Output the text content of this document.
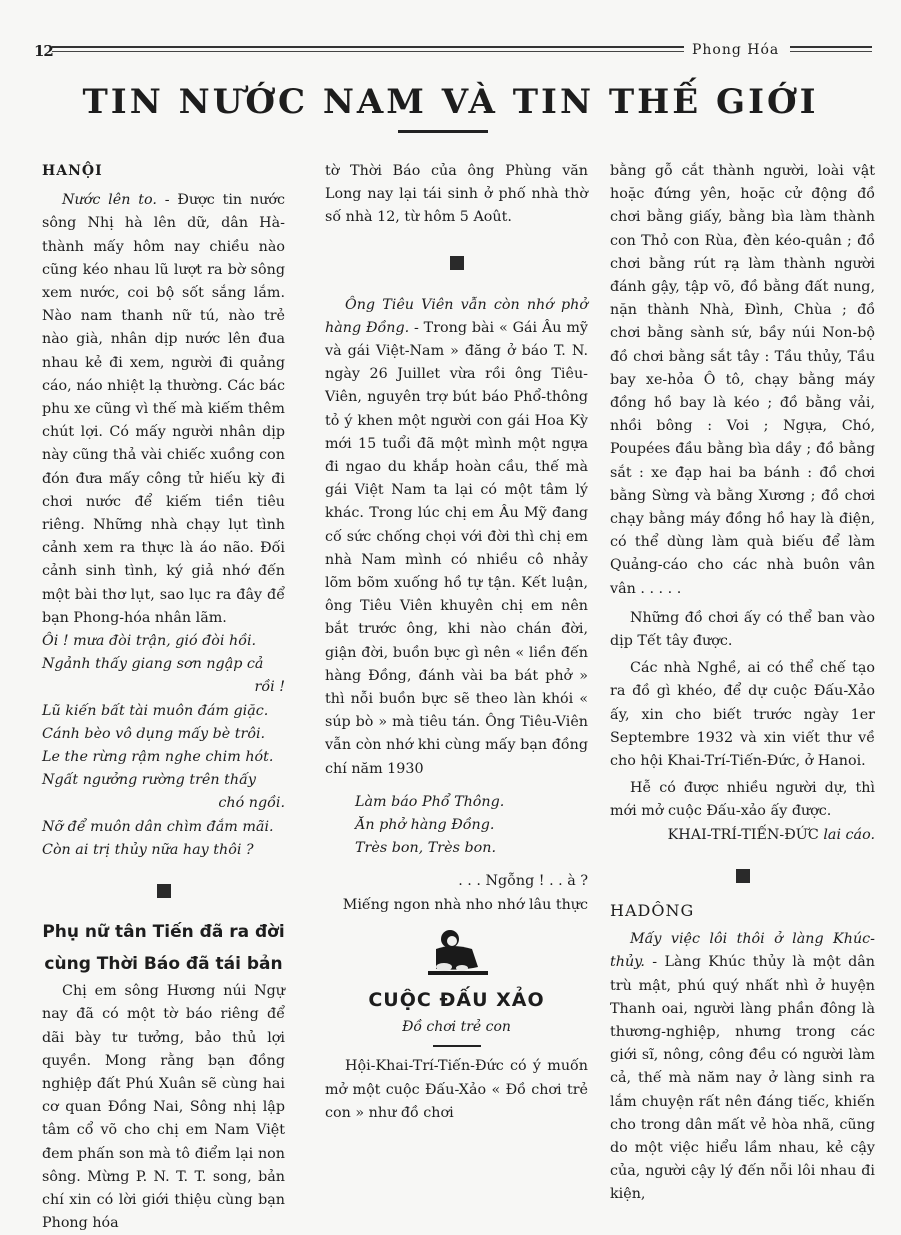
12	Phong Hóa
TIN NƯỚC NAM VÀ TIN THẾ GIỚI
HANỘI

Nước lên to. - Được tin nước sông Nhị hà lên dữ, dân Hà-thành mấy hôm nay chiều nào cũng kéo nhau lũ lượt ra bờ sông xem nước, coi bộ sốt sắng lắm. Nào nam thanh nữ tú, nào trẻ nào già, nhân dịp nước lên đua nhau kẻ đi xem, người đi quảng cáo, náo nhiệt lạ thường. Các bác phu xe cũng vì thế mà kiếm thêm chút lợi. Có mấy người nhân dịp này cũng thả vài chiếc xuồng con đón đưa mấy công tử hiếu kỳ đi chơi nước để kiếm tiền tiêu riêng. Những nhà chạy lụt tình cảnh xem ra thực là áo não. Đối cảnh sinh tình, ký giả nhớ đến một bài thơ lụt, sao lục ra đây để bạn Phong-hóa nhân lãm.

Ôi ! mưa đòi trận, gió đòi hồi.
Ngảnh thấy giang sơn ngập cả
rồi !
Lũ kiến bất tài muôn đám giặc.
Cánh bèo vô dụng mấy bè trôi.
Le the rừng rậm nghe chim hót.
Ngất ngưởng rường trên thấy
chó ngồi.
Nỡ để muôn dân chìm đắm mãi.
Còn ai trị thủy nữa hay thôi ?
Phụ nữ tân Tiến đã ra đời cùng Thời Báo đã tái bản

Chị em sông Hương núi Ngự nay đã có một tờ báo riêng để dãi bày tư tưởng, bảo thủ lợi quyền. Mong rằng bạn đồng nghiệp đất Phú Xuân sẽ cùng hai cơ quan Đồng Nai, Sông nhị lập tâm cổ võ cho chị em Nam Việt đem phấn son mà tô điểm lại non sông. Mừng P. N. T. T. song, bản chí xin có lời giới thiệu cùng bạn Phong hóa

tờ Thời Báo của ông Phùng văn Long nay lại tái sinh ở phố nhà thờ số nhà 12, từ hôm 5 Août.

Ông Tiêu Viên vẫn còn nhớ phở hàng Đồng. - Trong bài « Gái Âu mỹ và gái Việt-Nam » đăng ở báo T. N. ngày 26 Juillet vừa rồi ông Tiêu-Viên, nguyên trợ bút báo Phổ-thông tỏ ý khen một người con gái Hoa Kỳ mới 15 tuổi đã một mình một ngựa đi ngao du khắp hoàn cầu, thế mà gái Việt Nam ta lại có một tâm lý khác. Trong lúc chị em Âu Mỹ đang cố sức chống chọi với đời thì chị em nhà Nam mình có nhiều cô nhảy lõm bõm xuống hồ tự tận. Kết luận, ông Tiêu Viên khuyên chị em nên bắt trước ông, khi nào chán đời, giận đời, buồn bực gì nên « liền đến hàng Đồng, đánh vài ba bát phở » thì nỗi buồn bực sẽ theo làn khói « súp bò » mà tiêu tán. Ông Tiêu-Viên vẫn còn nhớ khi cùng mấy bạn đồng chí năm 1930

Làm báo Phổ Thông.
Ăn phở hàng Đồng.
Très bon, Très bon.
. . . Ngỗng ! . . à ?
Miếng ngon nhà nho nhớ lâu thực
CUỘC ĐẤU XẢO
Đồ chơi trẻ con

Hội-Khai-Trí-Tiến-Đức có ý muốn mở một cuộc Đấu-Xảo « Đồ chơi trẻ con » như đồ chơi

bằng gỗ cắt thành người, loài vật hoặc đứng yên, hoặc cử động đồ chơi bằng giấy, bằng bìa làm thành con Thỏ con Rùa, đèn kéo-quân ; đồ chơi bằng rút rạ làm thành người đánh gậy, tập võ, đồ bằng đất nung, nặn thành Nhà, Đình, Chùa ; đồ chơi bằng sành sứ, bầy núi Non-bộ đồ chơi bằng sắt tây : Tầu thủy, Tầu bay xe-hỏa Ô tô, chạy bằng máy đồng hồ bay là kéo ; đồ bằng vải, nhồi bông : Voi ; Ngựa, Chó, Poupées đầu bằng bìa dầy ; đồ bằng sắt : xe đạp hai ba bánh : đồ chơi bằng Sừng và bằng Xương ; đồ chơi chạy bằng máy đồng hồ hay là điện, có thể dùng làm quà biếu để làm Quảng-cáo cho các nhà buôn vân vân . . . . .

Những đồ chơi ấy có thể ban vào dịp Tết tây được.

Các nhà Nghề, ai có thể chế tạo ra đồ gì khéo, để dự cuộc Đấu-Xảo ấy, xin cho biết trước ngày 1er Septembre 1932 và xin viết thư về cho hội Khai-Trí-Tiến-Đức, ở Hanoi.

Hễ có được nhiều người dự, thì mới mở cuộc Đấu-xảo ấy được.

KHAI-TRÍ-TIẾN-ĐỨC lai cáo.
HADÔNG

Mấy việc lôi thôi ở làng Khúc-thủy. - Làng Khúc thủy là một dân trù mật, phú quý nhất nhì ở huyện Thanh oai, người làng phần đông là thương-nghiệp, nhưng trong các giới sĩ, nông, công đều có người làm cả, thế mà năm nay ở làng sinh ra lắm chuyện rất nên đáng tiếc, khiến cho trong dân mất vẻ hòa nhã, cũng do một việc hiểu lầm nhau, kẻ cậy của, người cậy lý đến nỗi lôi nhau đi kiện,
